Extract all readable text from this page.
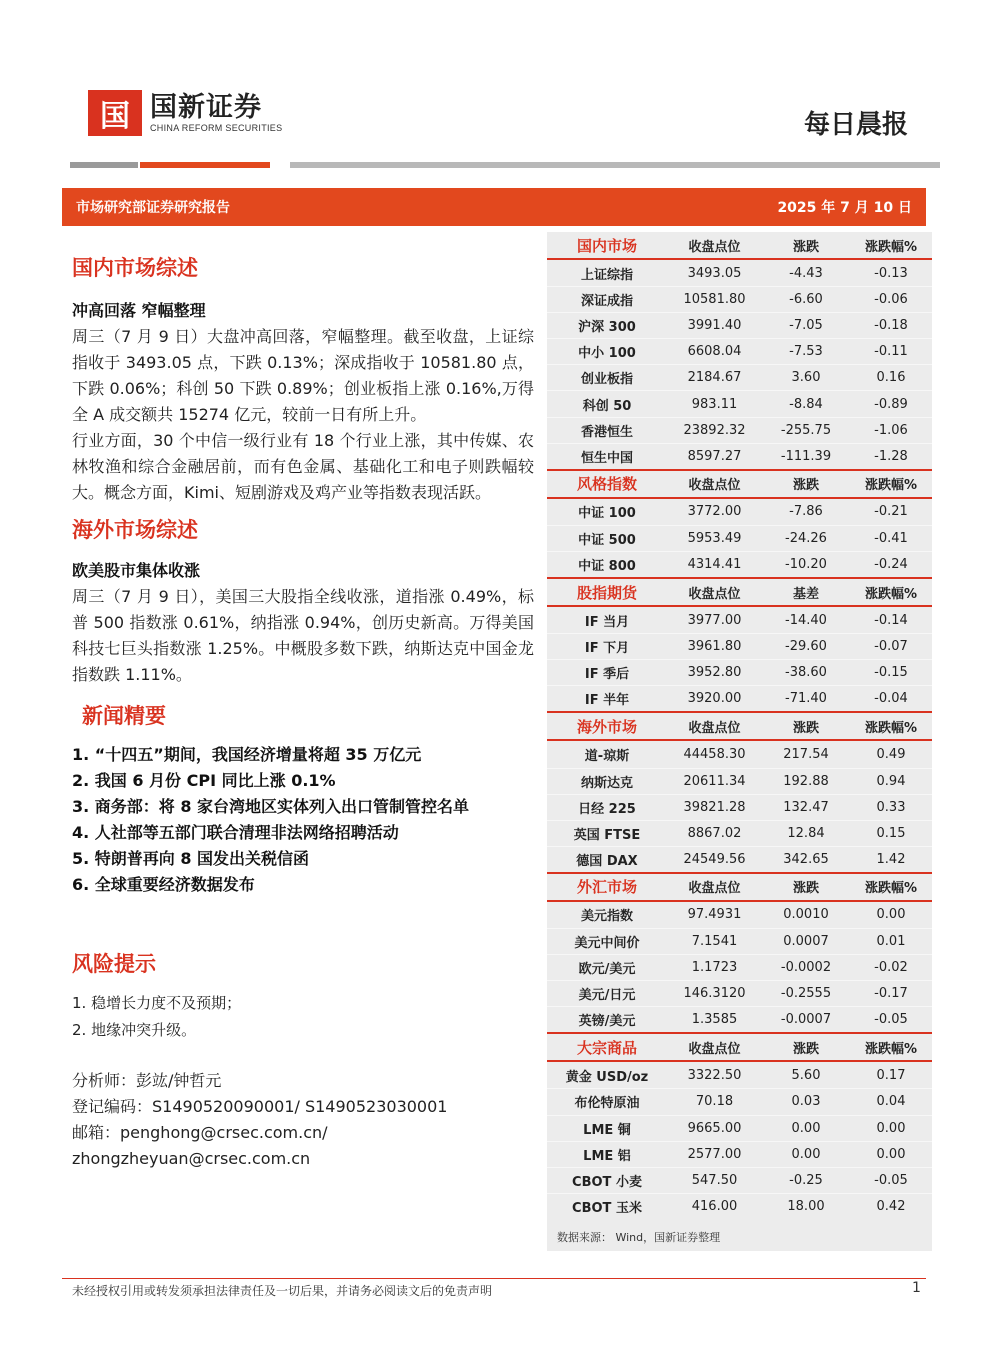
国 国新证券
CHINA REFORM SECURITIES	每日晨报
市场研究部证券研究报告	2025 年 7 月 10 日
国内市场综述
冲高回落 窄幅整理

周三（7 月 9 日）大盘冲高回落，窄幅整理。截至收盘，上证综指收于 3493.05 点，下跌 0.13%；深成指收于 10581.80 点，下跌 0.06%；科创 50 下跌 0.89%；创业板指上涨 0.16%,万得全 A 成交额共 15274 亿元，较前一日有所上升。

行业方面，30 个中信一级行业有 18 个行业上涨，其中传媒、农林牧渔和综合金融居前，而有色金属、基础化工和电子则跌幅较大。概念方面，Kimi、短剧游戏及鸡产业等指数表现活跃。

海外市场综述
欧美股市集体收涨

周三（7 月 9 日），美国三大股指全线收涨，道指涨 0.49%，标普 500 指数涨 0.61%，纳指涨 0.94%，创历史新高。万得美国科技七巨头指数涨 1.25%。中概股多数下跌，纳斯达克中国金龙指数跌 1.11%。

新闻精要
1. “十四五”期间，我国经济增量将超 35 万亿元
2. 我国 6 月份 CPI 同比上涨 0.1%
3. 商务部：将 8 家台湾地区实体列入出口管制管控名单
4. 人社部等五部门联合清理非法网络招聘活动
5. 特朗普再向 8 国发出关税信函
6. 全球重要经济数据发布
风险提示
1. 稳增长力度不及预期；
2. 地缘冲突升级。
分析师：彭竑/钟哲元
登记编码：S1490520090001/ S1490523030001
邮箱：penghong@crsec.com.cn/
zhongzheyuan@crsec.com.cn
国内市场	收盘点位	涨跌	涨跌幅%
上证综指	3493.05	-4.43	-0.13
深证成指	10581.80	-6.60	-0.06
沪深 300	3991.40	-7.05	-0.18
中小 100	6608.04	-7.53	-0.11
创业板指	2184.67	3.60	0.16
科创 50	983.11	-8.84	-0.89
香港恒生	23892.32	-255.75	-1.06
恒生中国	8597.27	-111.39	-1.28
风格指数	收盘点位	涨跌	涨跌幅%
中证 100	3772.00	-7.86	-0.21
中证 500	5953.49	-24.26	-0.41
中证 800	4314.41	-10.20	-0.24
股指期货	收盘点位	基差	涨跌幅%
IF 当月	3977.00	-14.40	-0.14
IF 下月	3961.80	-29.60	-0.07
IF 季后	3952.80	-38.60	-0.15
IF 半年	3920.00	-71.40	-0.04
海外市场	收盘点位	涨跌	涨跌幅%
道-琼斯	44458.30	217.54	0.49
纳斯达克	20611.34	192.88	0.94
日经 225	39821.28	132.47	0.33
英国 FTSE	8867.02	12.84	0.15
德国 DAX	24549.56	342.65	1.42
外汇市场	收盘点位	涨跌	涨跌幅%
美元指数	97.4931	0.0010	0.00
美元中间价	7.1541	0.0007	0.01
欧元/美元	1.1723	-0.0002	-0.02
美元/日元	146.3120	-0.2555	-0.17
英镑/美元	1.3585	-0.0007	-0.05
大宗商品	收盘点位	涨跌	涨跌幅%
黄金 USD/oz	3322.50	5.60	0.17
布伦特原油	70.18	0.03	0.04
LME 铜	9665.00	0.00	0.00
LME 铝	2577.00	0.00	0.00
CBOT 小麦	547.50	-0.25	-0.05
CBOT 玉米	416.00	18.00	0.42
数据来源： Wind，国新证券整理
未经授权引用或转发须承担法律责任及一切后果，并请务必阅读文后的免责声明	1
